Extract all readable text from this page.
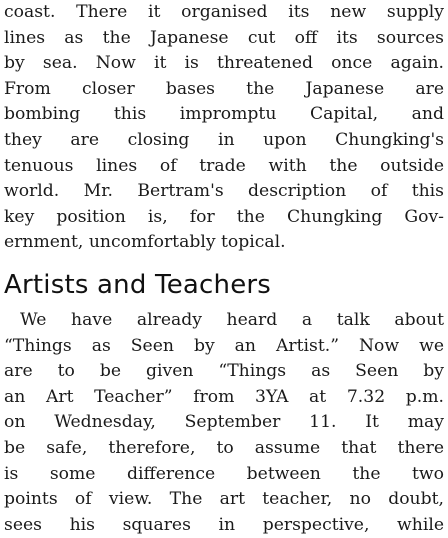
coast. There it organised its new supply
lines as the Japanese cut off its sources
by sea. Now it is threatened once again.
From closer bases the Japanese are
bombing this impromptu Capital, and
they are closing in upon Chungking's
tenuous lines of trade with the outside
world. Mr. Bertram's description of this
key position is, for the Chungking Gov-
ernment, uncomfortably topical.
Artists and Teachers
We have already heard a talk about
“Things as Seen by an Artist.” Now we
are to be given “Things as Seen by
an Art Teacher” from 3YA at 7.32 p.m.
on Wednesday, September 11. It may
be safe, therefore, to assume that there
is some difference between the two
points of view. The art teacher, no doubt,
sees his squares in perspective, while
